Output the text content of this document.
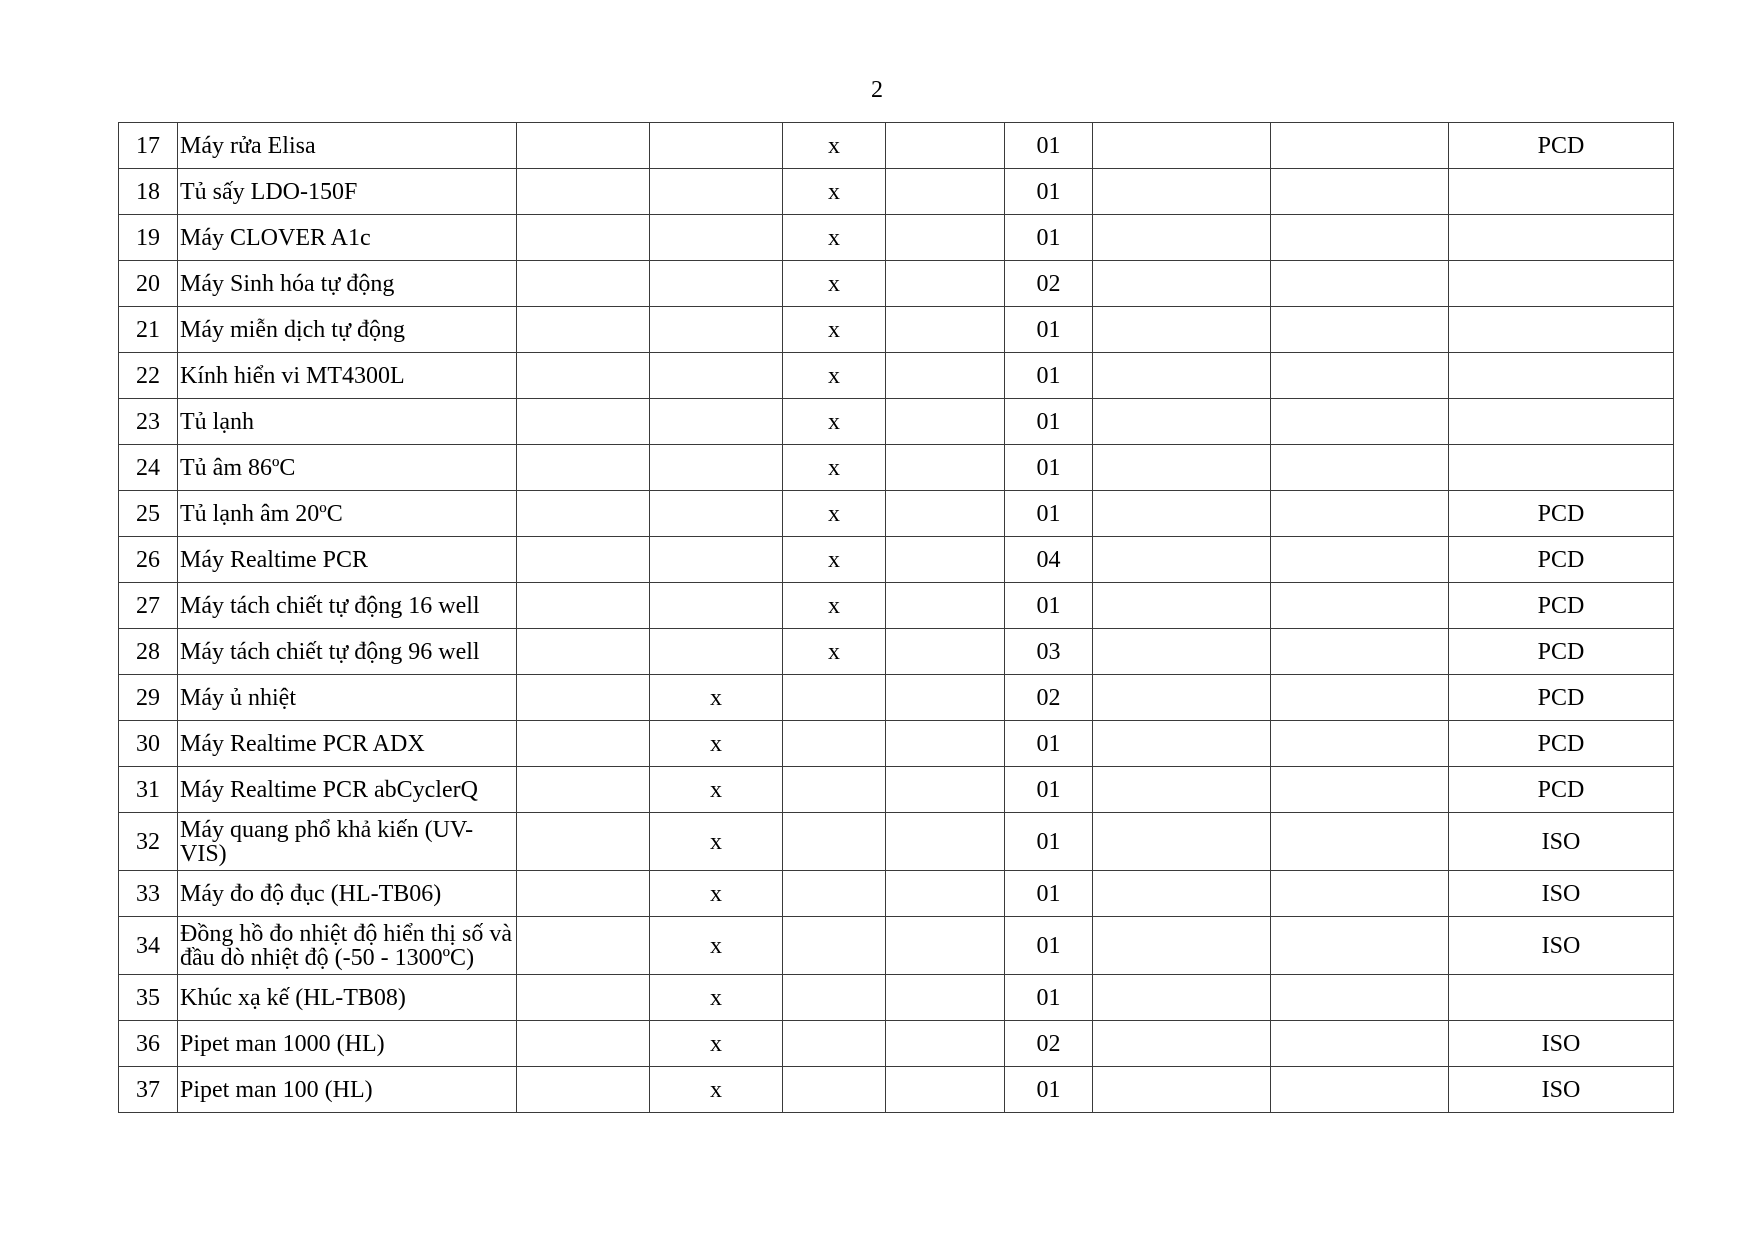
2
17	Máy rửa Elisa			x		01			PCD
18	Tủ sấy LDO-150F			x		01			
19	Máy CLOVER A1c			x		01			
20	Máy Sinh hóa tự động			x		02			
21	Máy miễn dịch tự động			x		01			
22	Kính hiển vi MT4300L			x		01			
23	Tủ lạnh			x		01			
24	Tủ âm 86ºC			x		01			
25	Tủ lạnh âm 20ºC			x		01			PCD
26	Máy Realtime PCR			x		04			PCD
27	Máy tách chiết tự động 16 well			x		01			PCD
28	Máy tách chiết tự động 96 well			x		03			PCD
29	Máy ủ nhiệt		x			02			PCD
30	Máy Realtime PCR ADX		x			01			PCD
31	Máy Realtime PCR abCyclerQ		x			01			PCD
32	Máy quang phổ khả kiến (UV-VIS)		x			01			ISO
33	Máy đo độ đục (HL-TB06)		x			01			ISO
34	Đồng hồ đo nhiệt độ hiển thị số và đầu dò nhiệt độ (-50 - 1300ºC)		x			01			ISO
35	Khúc xạ kế (HL-TB08)		x			01			
36	Pipet man 1000 (HL)		x			02			ISO
37	Pipet man 100 (HL)		x			01			ISO
